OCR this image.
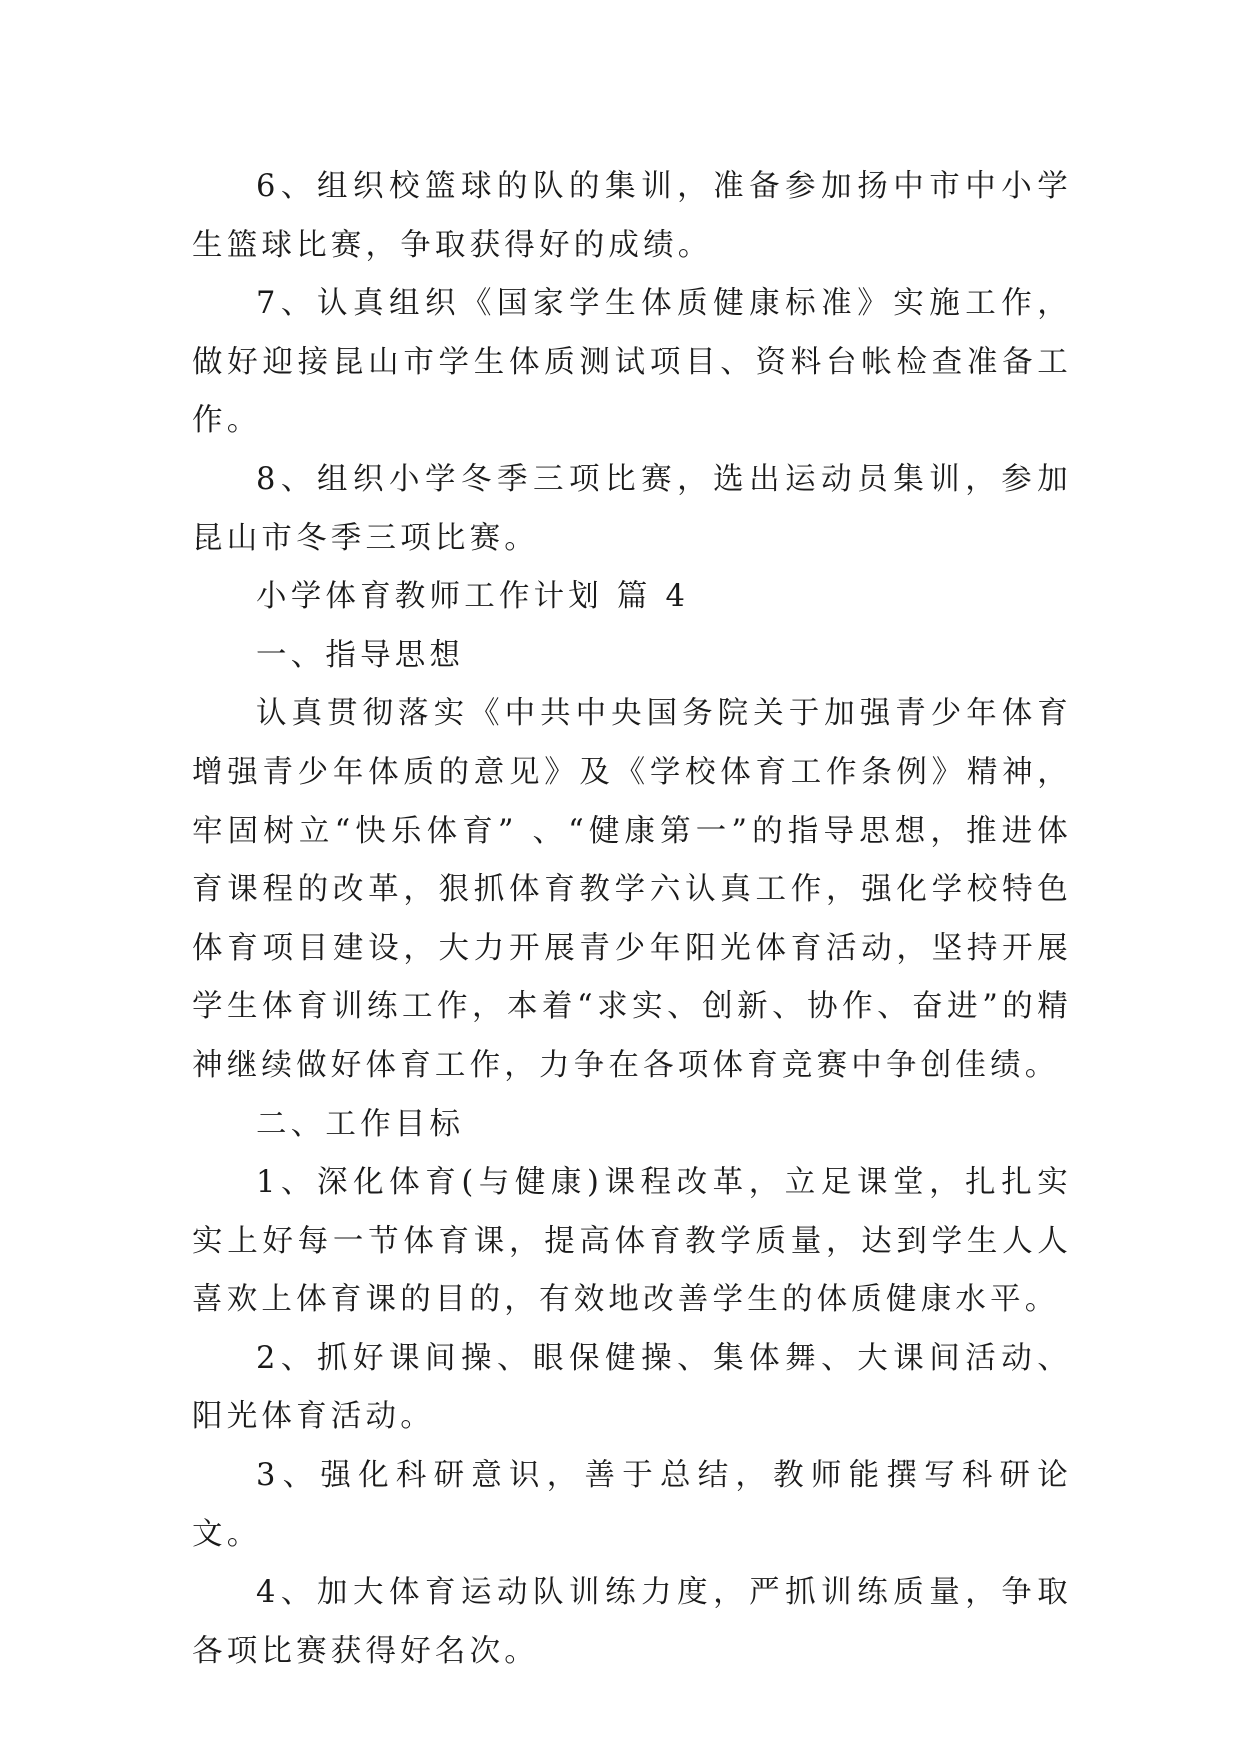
6、组织校篮球的队的集训，准备参加扬中市中小学生篮球比赛，争取获得好的成绩。

7、认真组织《国家学生体质健康标准》实施工作，做好迎接昆山市学生体质测试项目、资料台帐检查准备工作。

8、组织小学冬季三项比赛，选出运动员集训，参加昆山市冬季三项比赛。

小学体育教师工作计划 篇 4

一、指导思想

认真贯彻落实《中共中央国务院关于加强青少年体育增强青少年体质的意见》及《学校体育工作条例》精神，牢固树立“快乐体育” 、“健康第一”的指导思想，推进体育课程的改革，狠抓体育教学六认真工作，强化学校特色体育项目建设，大力开展青少年阳光体育活动，坚持开展学生体育训练工作，本着“求实、创新、协作、奋进”的精神继续做好体育工作，力争在各项体育竞赛中争创佳绩。

二、工作目标

1、深化体育(与健康)课程改革，立足课堂，扎扎实实上好每一节体育课，提高体育教学质量，达到学生人人喜欢上体育课的目的，有效地改善学生的体质健康水平。

2、抓好课间操、眼保健操、集体舞、大课间活动、阳光体育活动。

3、强化科研意识，善于总结，教师能撰写科研论文。

4、加大体育运动队训练力度，严抓训练质量，争取各项比赛获得好名次。
